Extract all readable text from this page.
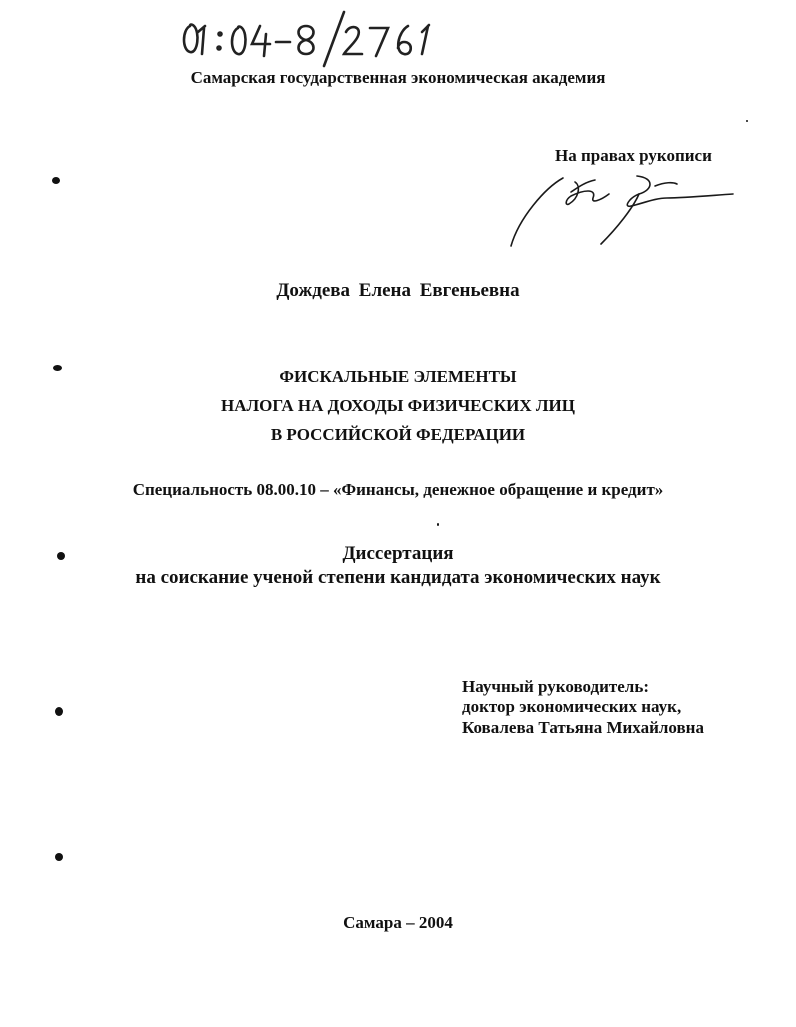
Самарская государственная экономическая академия
На правах рукописи
Дождева Елена Евгеньевна
ФИСКАЛЬНЫЕ ЭЛЕМЕНТЫ
НАЛОГА НА ДОХОДЫ ФИЗИЧЕСКИХ ЛИЦ
В РОССИЙСКОЙ ФЕДЕРАЦИИ
Специальность 08.00.10 – «Финансы, денежное обращение и кредит»
Диссертация
на соискание ученой степени кандидата экономических наук
Научный руководитель:
доктор экономических наук,
Ковалева Татьяна Михайловна
Самара – 2004
